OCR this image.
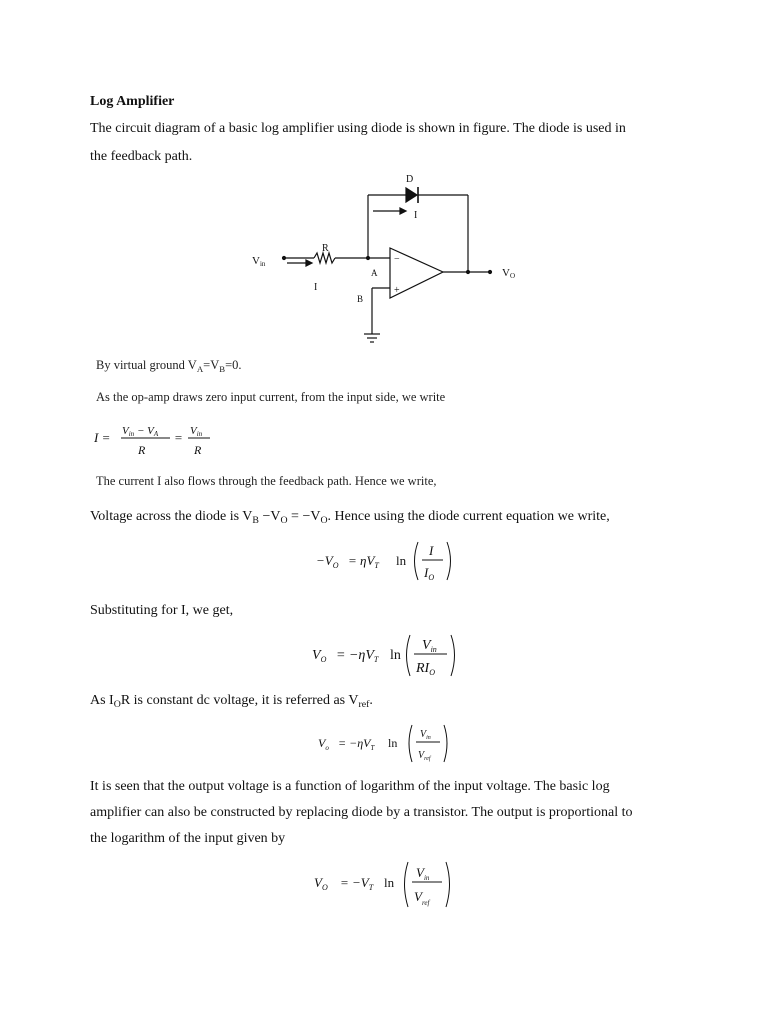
Log Amplifier
The circuit diagram of a basic log amplifier using diode is shown in figure. The diode is used in
the feedback path.
D
I
R
Vin
I
A
B
−
+
VO
By virtual ground $V_A=V_B=0$.
As the op-amp draws zero input current, from the input side, we write
I = Vin − VA
R
= Vin
R
The current I also flows through the feedback path. Hence we write,
Voltage across the diode is $V_B -V_O = -V_O$. Hence using the diode current equation we write,
$-V_O = \eta V_T$ ln
I
$I_O$
Substituting for I, we get,
$V_O = -\eta V_T$ ln
$V_{in}$
$RI_O$
As $I_OR$ is constant dc voltage, it is referred as $V_{ref}$.
$V_o = -\eta V_T$ ln
$V_{in}$
$V_{ref}$
It is seen that the output voltage is a function of logarithm of the input voltage. The basic log
amplifier can also be constructed by replacing diode by a transistor. The output is proportional to
the logarithm of the input given by
$V_O = -V_T$ ln
$V_{in}$
$V_{ref}$
